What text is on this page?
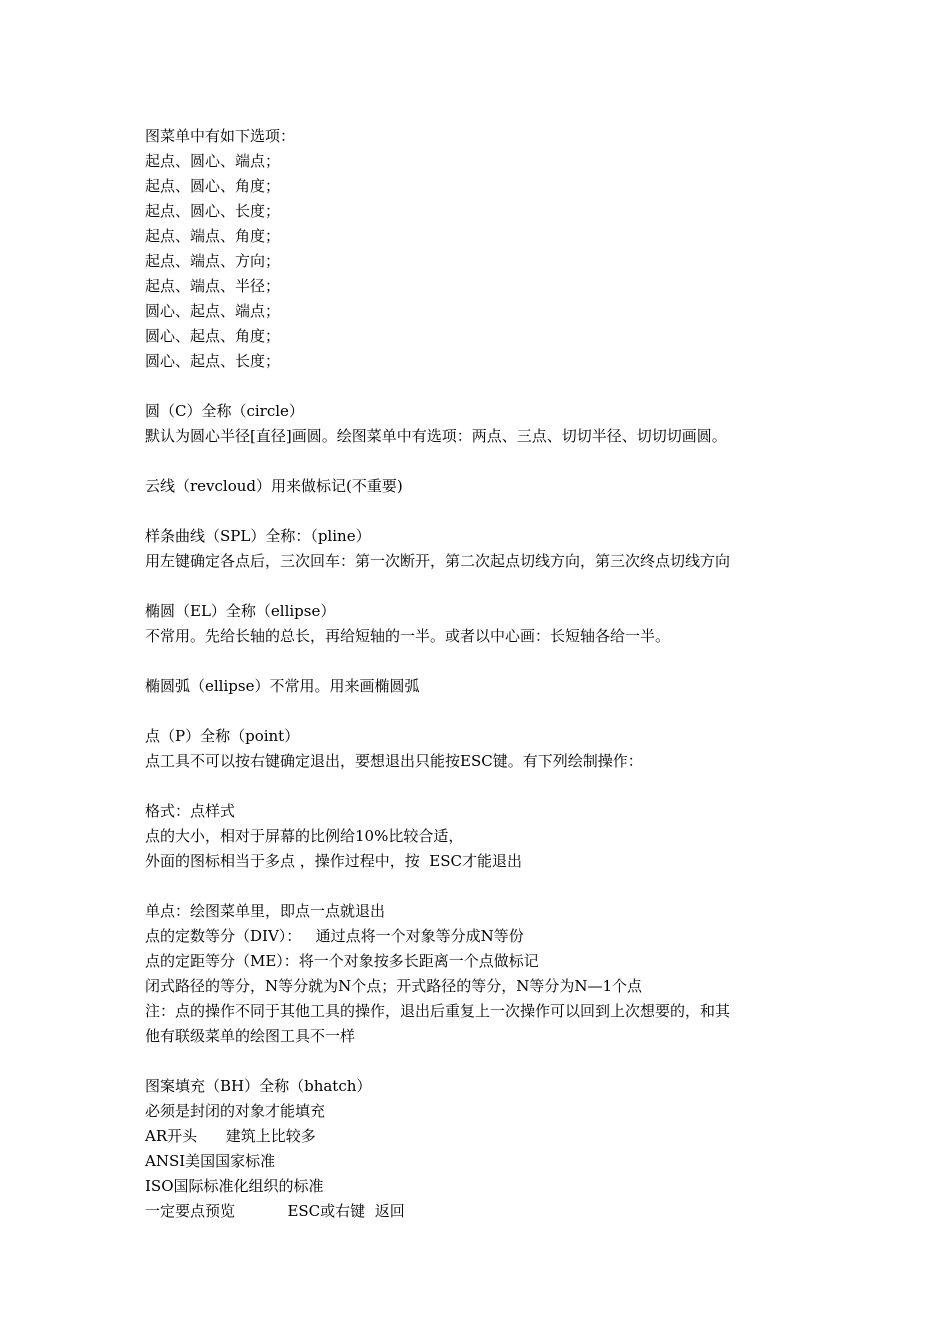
图菜单中有如下选项：
起点、圆心、端点；
起点、圆心、角度；
起点、圆心、长度；
起点、端点、角度；
起点、端点、方向；
起点、端点、半径；
圆心、起点、端点；
圆心、起点、角度；
圆心、起点、长度；
圆（C）全称（circle）
默认为圆心半径[直径]画圆。绘图菜单中有选项：两点、三点、切切半径、切切切画圆。
云线（revcloud）用来做标记(不重要)
样条曲线（SPL）全称：（pline）
用左键确定各点后，三次回车：第一次断开，第二次起点切线方向，第三次终点切线方向
椭圆（EL）全称（ellipse）
不常用。先给长轴的总长，再给短轴的一半。或者以中心画：长短轴各给一半。
椭圆弧（ellipse）不常用。用来画椭圆弧
点（P）全称（point）
点工具不可以按右键确定退出，要想退出只能按ESC键。有下列绘制操作：
格式：点样式
点的大小，相对于屏幕的比例给10%比较合适，
外面的图标相当于多点 ，操作过程中，按  ESC才能退出
单点：绘图菜单里，即点一点就退出
点的定数等分（DIV）：   通过点将一个对象等分成N等份
点的定距等分（ME）：将一个对象按多长距离一个点做标记
闭式路径的等分，N等分就为N个点；开式路径的等分，N等分为N—1个点
注：点的操作不同于其他工具的操作，退出后重复上一次操作可以回到上次想要的，和其
他有联级菜单的绘图工具不一样
图案填充（BH）全称（bhatch）
必须是封闭的对象才能填充
AR开头      建筑上比较多
ANSI美国国家标准
ISO国际标准化组织的标准
一定要点预览           ESC或右键  返回
